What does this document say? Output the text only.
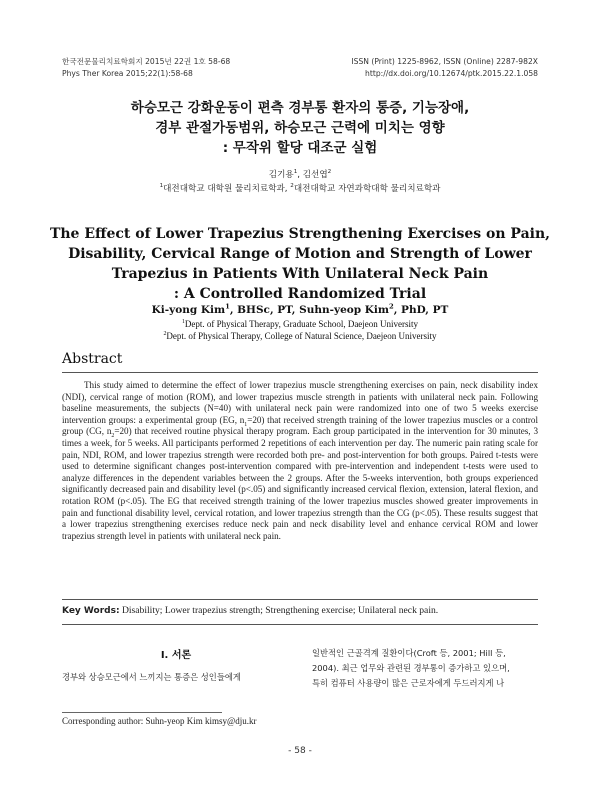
한국전문물리치료학회지 2015년 22권 1호 58-68
Phys Ther Korea 2015;22(1):58-68
ISSN (Print) 1225-8962, ISSN (Online) 2287-982X
http://dx.doi.org/10.12674/ptk.2015.22.1.058
하승모근 강화운동이 편측 경부통 환자의 통증, 기능장애,
경부 관절가동범위, 하승모근 근력에 미치는 영향
: 무작위 할당 대조군 실험
김기용$^1$, 김선엽$^2$
$^1$대전대학교 대학원 물리치료학과, $^2$대전대학교 자연과학대학 물리치료학과
The Effect of Lower Trapezius Strengthening Exercises on Pain,
Disability, Cervical Range of Motion and Strength of Lower
Trapezius in Patients With Unilateral Neck Pain
: A Controlled Randomized Trial
Ki-yong Kim$^1$, BHSc, PT, Suhn-yeop Kim$^2$, PhD, PT
$^1$Dept. of Physical Therapy, Graduate School, Daejeon University
$^2$Dept. of Physical Therapy, College of Natural Science, Daejeon University
Abstract

This study aimed to determine the effect of lower trapezius muscle strengthening exercises on pain, neck disability index (NDI), cervical range of motion (ROM), and lower trapezius muscle strength in patients with unilateral neck pain. Following baseline measurements, the subjects (N=40) with unilateral neck pain were randomized into one of two 5 weeks exercise intervention groups: a experimental group (EG, $n_1=20$) that received strength training of the lower trapezius muscles or a control group (CG, $n_2=20$) that received routine physical therapy program. Each group participated in the intervention for 30 minutes, 3 times a week, for 5 weeks. All participants performed 2 repetitions of each intervention per day. The numeric pain rating scale for pain, NDI, ROM, and lower trapezius strength were recorded both pre- and post-intervention for both groups. Paired t-tests were used to determine significant changes post-intervention compared with pre-intervention and independent t-tests were used to analyze differences in the dependent variables between the 2 groups. After the 5-weeks intervention, both groups experienced significantly decreased pain and disability level (p<.05) and significantly increased cervical flexion, extension, lateral flexion, and rotation ROM (p<.05). The EG that received strength training of the lower trapezius muscles showed greater improvements in pain and functional disability level, cervical rotation, and lower trapezius strength than the CG (p<.05). These results suggest that a lower trapezius strengthening exercises reduce neck pain and neck disability level and enhance cervical ROM and lower trapezius strength level in patients with unilateral neck pain.

Key Words: Disability; Lower trapezius strength; Strengthening exercise; Unilateral neck pain.
Ⅰ. 서론
경부와 상승모근에서 느끼지는 통증은 성인들에게
일반적인 근골격계 질환이다(Croft 등, 2001; Hill 등,
2004). 최근 업무와 관련된 경부통이 증가하고 있으며,
특히 컴퓨터 사용량이 많은 근로자에게 두드러지게 나
Corresponding author: Suhn-yeop Kim kimsy@dju.kr
- 58 -
